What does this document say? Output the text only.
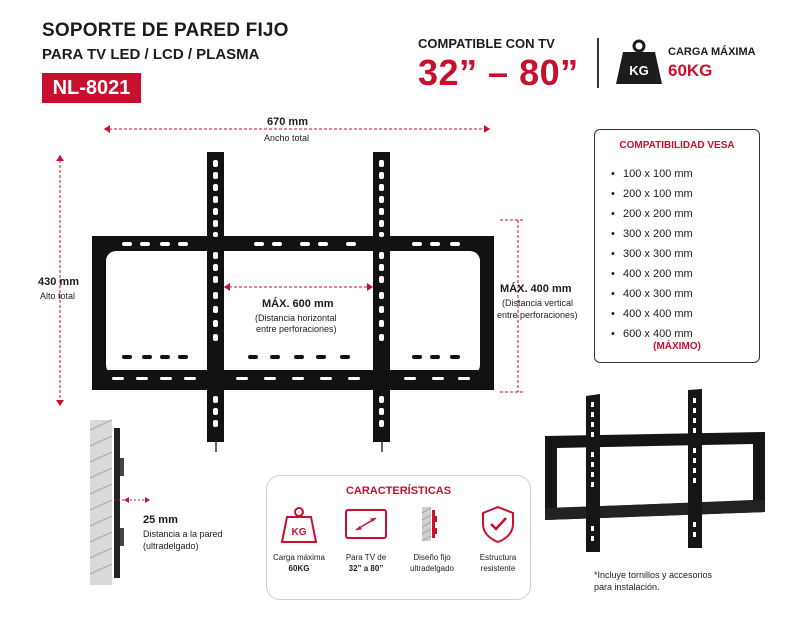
SOPORTE DE PARED FIJO
PARA TV LED / LCD / PLASMA
NL-8021
COMPATIBLE CON TV
32” – 80”	KG
CARGA MÁXIMA
60KG
670 mm
Ancho total
430 mm
Alto total
MÁX. 600 mm
(Distancia horizontal
entre perforaciones)
MÁX. 400 mm
(Distancia vertical
entre perforaciones)
25 mm
Distancia a la pared
(ultradelgado)
COMPATIBILIDAD VESA
• 100 x 100 mm
• 200 x 100 mm
• 200 x 200 mm
• 300 x 200 mm
• 300 x 300 mm
• 400 x 200 mm
• 400 x 300 mm
• 400 x 400 mm
• 600 x 400 mm
(MÁXIMO)
CARACTERÍSTICAS
KG
Carga máxima
60KG
Para TV de
32” a 80”
Diseño fijo
ultradelgado
Estructura
resistente
*Incluye tornillos y accesorios
para instalación.
